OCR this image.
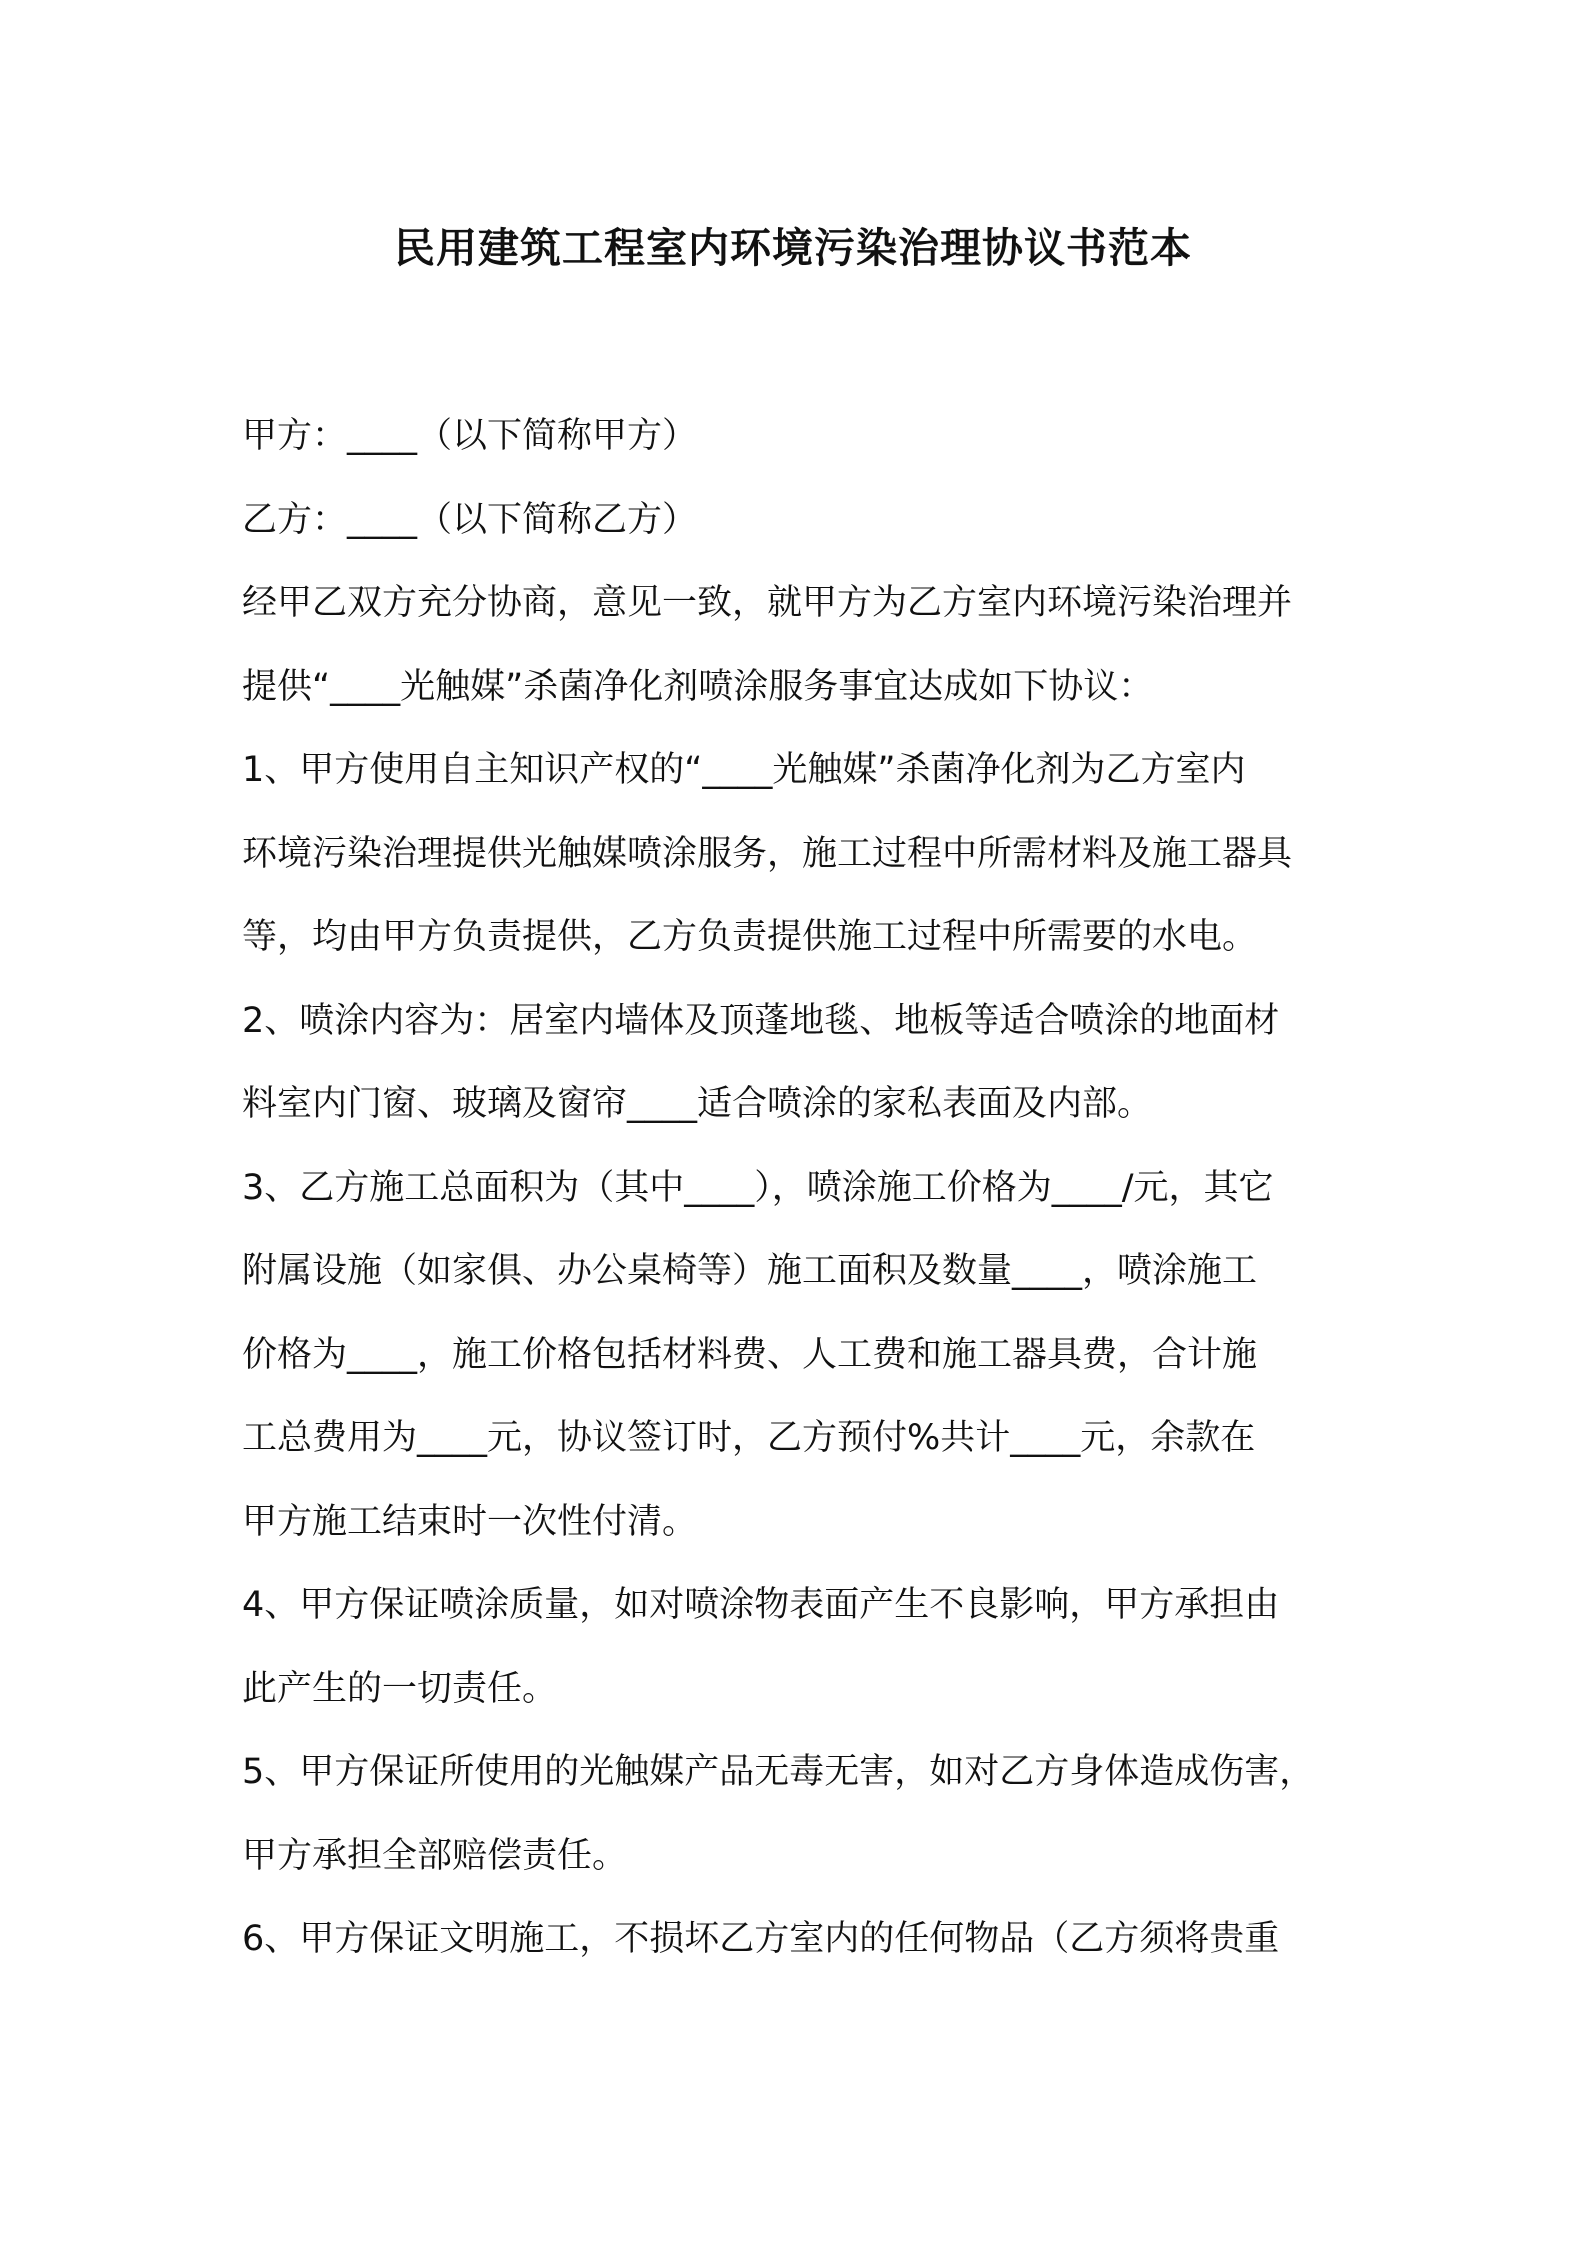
民用建筑工程室内环境污染治理协议书范本
甲方：____（以下简称甲方）
乙方：____（以下简称乙方）
经甲乙双方充分协商，意见一致，就甲方为乙方室内环境污染治理并
提供“____光触媒”杀菌净化剂喷涂服务事宜达成如下协议：
1、甲方使用自主知识产权的“____光触媒”杀菌净化剂为乙方室内
环境污染治理提供光触媒喷涂服务，施工过程中所需材料及施工器具
等，均由甲方负责提供，乙方负责提供施工过程中所需要的水电。
2、喷涂内容为：居室内墙体及顶蓬地毯、地板等适合喷涂的地面材
料室内门窗、玻璃及窗帘____适合喷涂的家私表面及内部。
3、乙方施工总面积为（其中____），喷涂施工价格为____/元，其它
附属设施（如家俱、办公桌椅等）施工面积及数量____，喷涂施工
价格为____，施工价格包括材料费、人工费和施工器具费，合计施
工总费用为____元，协议签订时，乙方预付%共计____元，余款在
甲方施工结束时一次性付清。
4、甲方保证喷涂质量，如对喷涂物表面产生不良影响，甲方承担由
此产生的一切责任。
5、甲方保证所使用的光触媒产品无毒无害，如对乙方身体造成伤害，
甲方承担全部赔偿责任。
6、甲方保证文明施工，不损坏乙方室内的任何物品（乙方须将贵重
